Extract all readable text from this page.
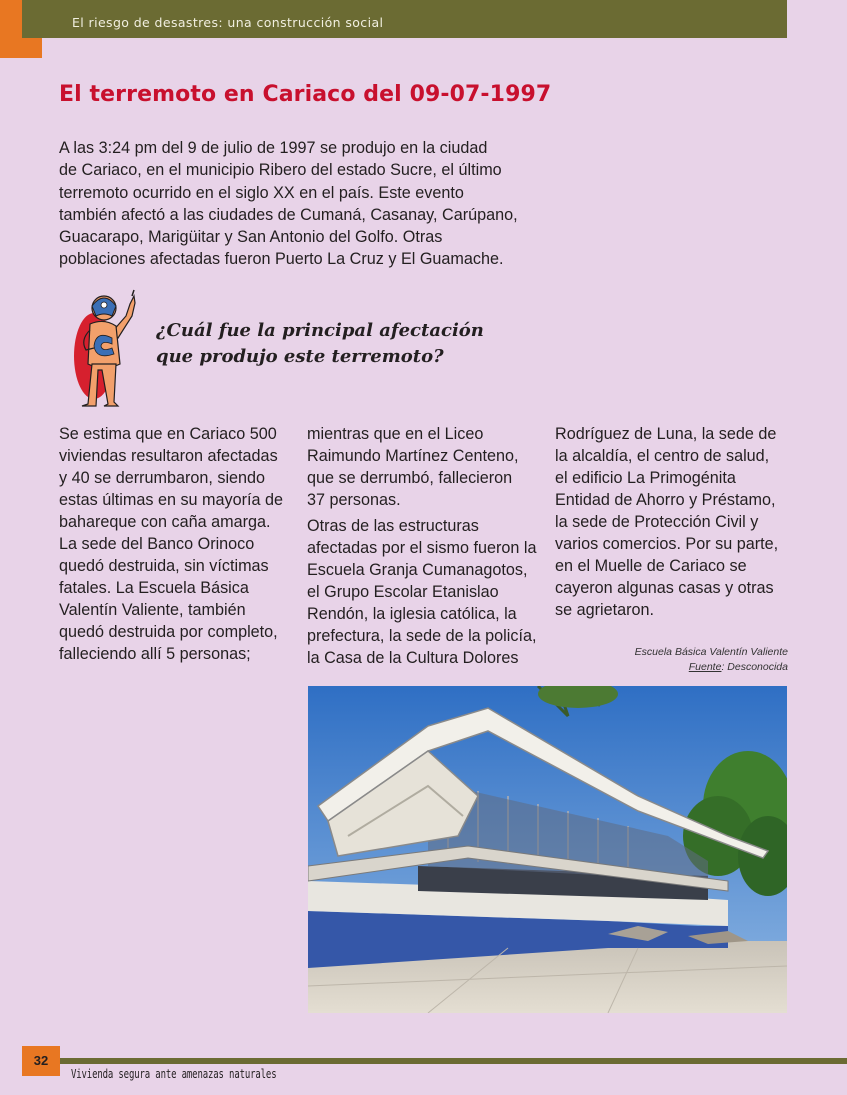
El riesgo de desastres: una construcción social
El terremoto en Cariaco del 09-07-1997

A las 3:24 pm del 9 de julio de 1997 se produjo en la ciudad

de Cariaco, en el municipio Ribero del estado Sucre, el último

terremoto ocurrido en el siglo XX en el país. Este evento

también afectó a las ciudades de Cumaná, Casanay, Carúpano,

Guacarapo, Marigüitar y San Antonio del Golfo. Otras

poblaciones afectadas fueron Puerto La Cruz y El Guamache.

¿Cuál fue la principal afectación
que produjo este terremoto?

Se estima que en Cariaco 500
viviendas resultaron afectadas
y 40 se derrumbaron, siendo
estas últimas en su mayoría de
bahareque con caña amarga.
La sede del Banco Orinoco
quedó destruida, sin víctimas
fatales. La Escuela Básica
Valentín Valiente, también
quedó destruida por completo,
falleciendo allí 5 personas;

mientras que en el Liceo
Raimundo Martínez Centeno,
que se derrumbó, fallecieron
37 personas.

Otras de las estructuras
afectadas por el sismo fueron la
Escuela Granja Cumanagotos,
el Grupo Escolar Etanislao
Rendón, la iglesia católica, la
prefectura, la sede de la policía,
la Casa de la Cultura Dolores

Rodríguez de Luna, la sede de
la alcaldía, el centro de salud,
el edificio La Primogénita
Entidad de Ahorro y Préstamo,
la sede de Protección Civil y
varios comercios. Por su parte,
en el Muelle de Cariaco se
cayeron algunas casas y otras
se agrietaron.

Escuela Básica Valentín Valiente
Fuente: Desconocida
32
Vivienda segura ante amenazas naturales
